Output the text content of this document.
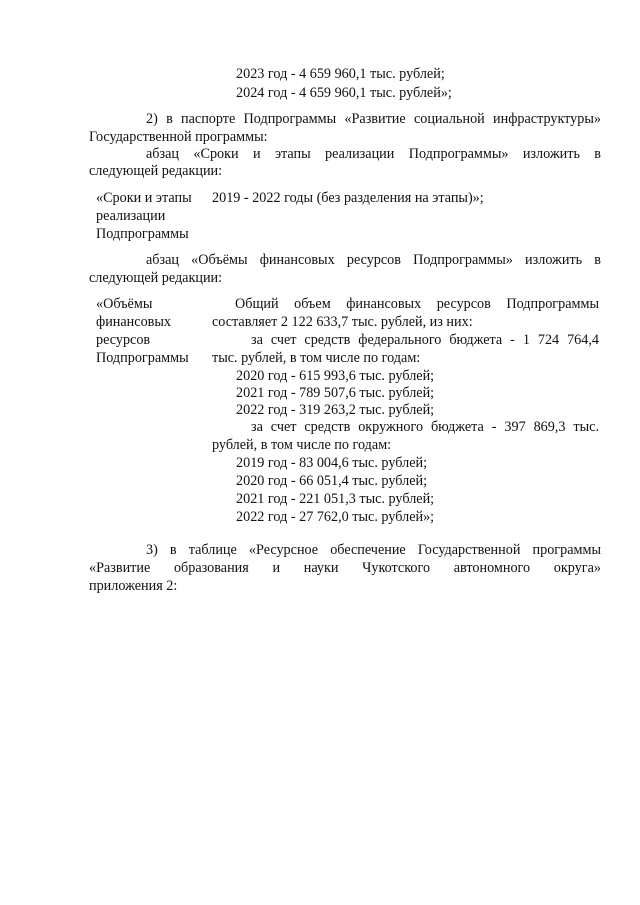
2023 год - 4 659 960,1 тыс. рублей;
2024 год - 4 659 960,1 тыс. рублей»;
2) в паспорте Подпрограммы «Развитие социальной инфраструктуры»
Государственной программы:
абзац «Сроки и этапы реализации Подпрограммы» изложить в
следующей редакции:
«Сроки и этапы
реализации
Подпрограммы
2019 - 2022 годы (без разделения на этапы)»;
абзац «Объёмы финансовых ресурсов Подпрограммы» изложить в
следующей редакции:
«Объёмы
финансовых
ресурсов
Подпрограммы
Общий объем финансовых ресурсов Подпрограммы
составляет 2 122 633,7 тыс. рублей, из них:
за счет средств федерального бюджета - 1 724 764,4
тыс. рублей, в том числе по годам:
2020 год - 615 993,6 тыс. рублей;
2021 год - 789 507,6 тыс. рублей;
2022 год - 319 263,2 тыс. рублей;
за счет средств окружного бюджета - 397 869,3 тыс.
рублей, в том числе по годам:
2019 год - 83 004,6 тыс. рублей;
2020 год - 66 051,4 тыс. рублей;
2021 год - 221 051,3 тыс. рублей;
2022 год - 27 762,0 тыс. рублей»;
3) в таблице «Ресурсное обеспечение Государственной программы
«Развитие образования и науки Чукотского автономного округа»
приложения 2:
